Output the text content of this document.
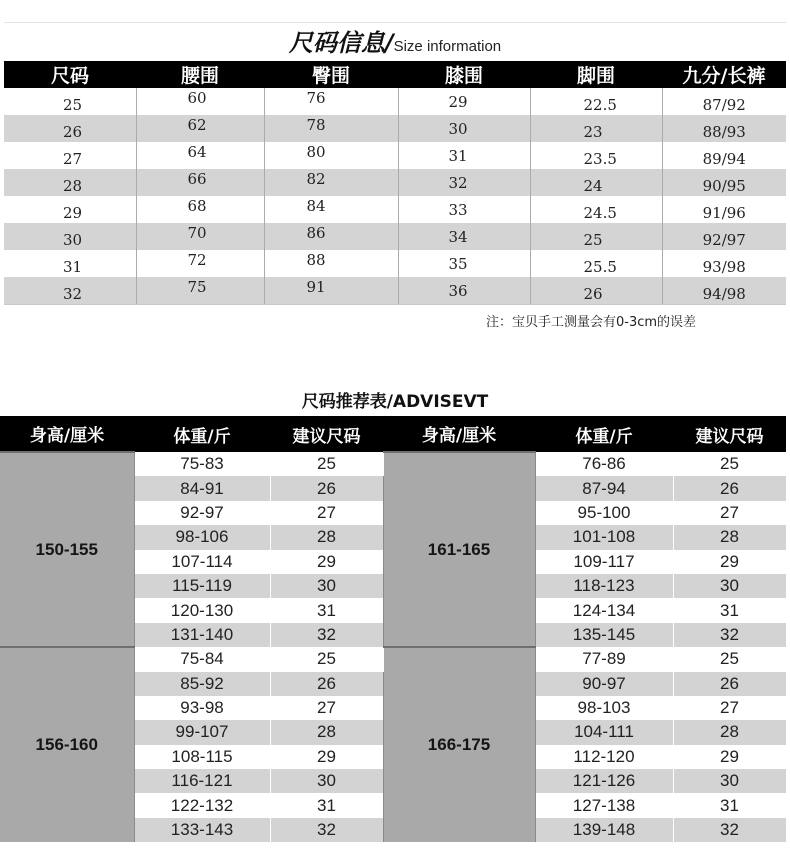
尺码信息/Size information
尺码	腰围	臀围	膝围	脚围	九分/长裤
25	60	76	29	22.5	87/92
26	62	78	30	23	88/93
27	64	80	31	23.5	89/94
28	66	82	32	24	90/95
29	68	84	33	24.5	91/96
30	70	86	34	25	92/97
31	72	88	35	25.5	93/98
32	75	91	36	26	94/98
注：宝贝手工测量会有0-3cm的误差
尺码推荐表/ADVISEVT
身高/厘米	体重/斤	建议尺码	身高/厘米	体重/斤	建议尺码
150-155	75-83	25	161-165	76-86	25
	84-91	26		87-94	26
	92-97	27		95-100	27
	98-106	28		101-108	28
	107-114	29		109-117	29
	115-119	30		118-123	30
	120-130	31		124-134	31
	131-140	32		135-145	32
156-160	75-84	25	166-175	77-89	25
	85-92	26		90-97	26
	93-98	27		98-103	27
	99-107	28		104-111	28
	108-115	29		112-120	29
	116-121	30		121-126	30
	122-132	31		127-138	31
	133-143	32		139-148	32
